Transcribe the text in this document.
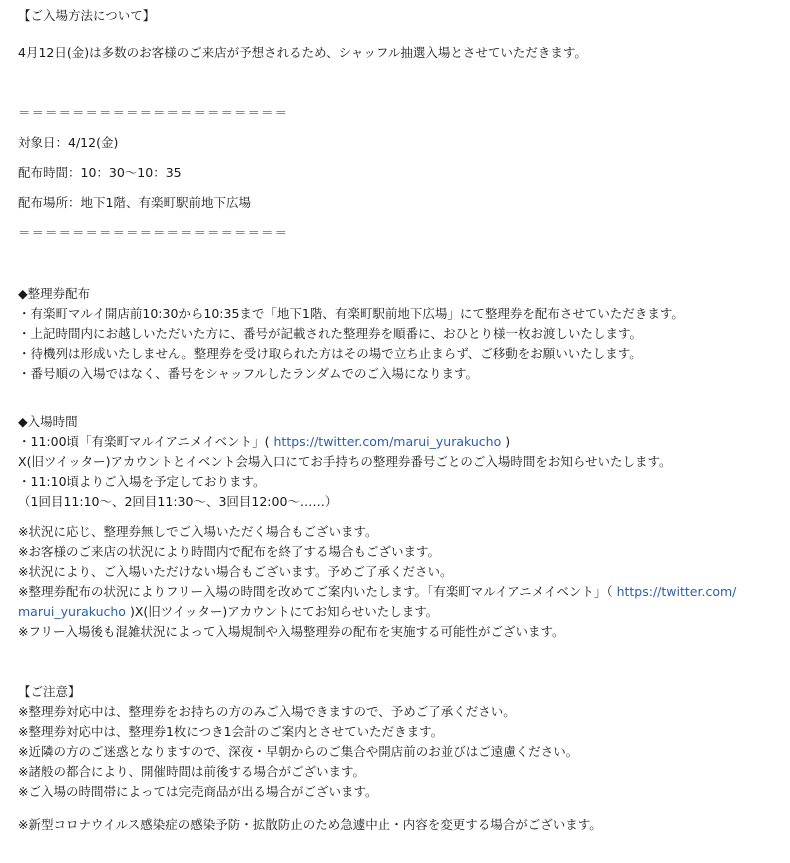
【ご入場方法について】
4月12日(金)は多数のお客様のご来店が予想されるため、シャッフル抽選入場とさせていただきます。
＝＝＝＝＝＝＝＝＝＝＝＝＝＝＝＝＝＝＝＝
対象日：4/12(金)
配布時間：10：30〜10：35
配布場所：地下1階、有楽町駅前地下広場
＝＝＝＝＝＝＝＝＝＝＝＝＝＝＝＝＝＝＝＝
◆整理券配布
・有楽町マルイ開店前10:30から10:35まで「地下1階、有楽町駅前地下広場」にて整理券を配布させていただきます。
・上記時間内にお越しいただいた方に、番号が記載された整理券を順番に、おひとり様一枚お渡しいたします。
・待機列は形成いたしません。整理券を受け取られた方はその場で立ち止まらず、ご移動をお願いいたします。
・番号順の入場ではなく、番号をシャッフルしたランダムでのご入場になります。
◆入場時間
・11:00頃「有楽町マルイアニメイベント」( https://twitter.com/marui_yurakucho )
X(旧ツイッター)アカウントとイベント会場入口にてお手持ちの整理券番号ごとのご入場時間をお知らせいたします。
・11:10頃よりご入場を予定しております。
（1回目11:10〜、2回目11:30〜、3回目12:00〜……）
※状況に応じ、整理券無しでご入場いただく場合もございます。
※お客様のご来店の状況により時間内で配布を終了する場合もございます。
※状況により、ご入場いただけない場合もございます。予めご了承ください。
※整理券配布の状況によりフリー入場の時間を改めてご案内いたします。「有楽町マルイアニメイベント」（ https://twitter.com/
marui_yurakucho )X(旧ツイッター)アカウントにてお知らせいたします。
※フリー入場後も混雑状況によって入場規制や入場整理券の配布を実施する可能性がございます。
【ご注意】
※整理券対応中は、整理券をお持ちの方のみご入場できますので、予めご了承ください。
※整理券対応中は、整理券1枚につき1会計のご案内とさせていただきます。
※近隣の方のご迷惑となりますので、深夜・早朝からのご集合や開店前のお並びはご遠慮ください。
※諸般の都合により、開催時間は前後する場合がございます。
※ご入場の時間帯によっては完売商品が出る場合がございます。
※新型コロナウイルス感染症の感染予防・拡散防止のため急遽中止・内容を変更する場合がございます。
